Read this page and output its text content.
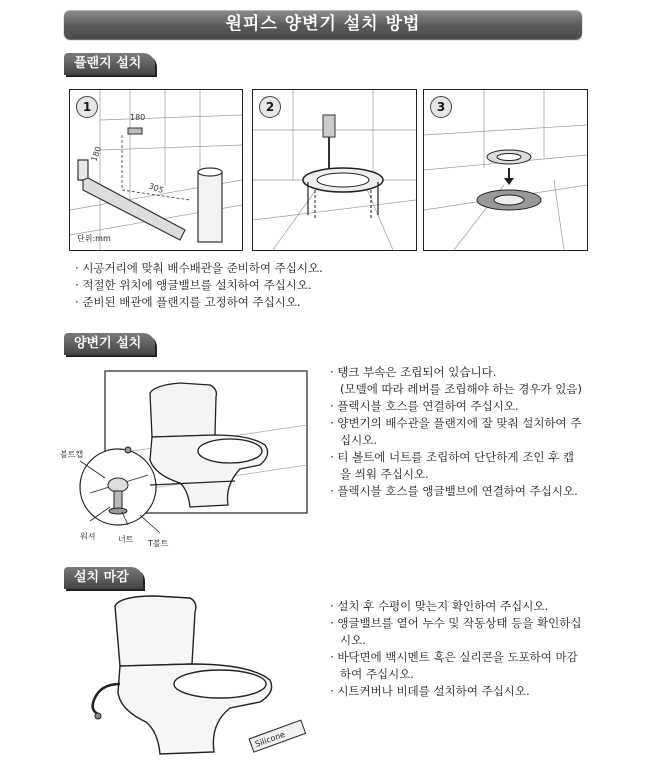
원피스 양변기 설치 방법
플랜지 설치
1
180
180
305
단위:mm
2	3
· 시공거리에 맞춰 배수배관을 준비하여 주십시오.
· 적절한 위치에 앵글밸브를 설치하여 주십시오.
· 준비된 배관에 플랜지를 고정하여 주십시오.
양변기 설치
볼트캡
워셔	너트 T볼트
· 탱크 부속은 조립되어 있습니다.
(모델에 따라 레버를 조립해야 하는 경우가 있음)
· 플렉시블 호스를 연결하여 주십시오.
· 양변기의 배수관을 플랜지에 잘 맞춰 설치하여 주십시오.
· 티 볼트에 너트를 조립하여 단단하게 조인 후 캡을 씌워 주십시오.
· 플렉시블 호스를 앵글밸브에 연결하여 주십시오.
설치 마감
Silicone
· 설치 후 수평이 맞는지 확인하여 주십시오.
· 앵글밸브를 열어 누수 및 작동상태 등을 확인하십시오.
· 바닥면에 백시멘트 혹은 실리콘을 도포하여 마감하여 주십시오.
· 시트커버나 비데를 설치하여 주십시오.
